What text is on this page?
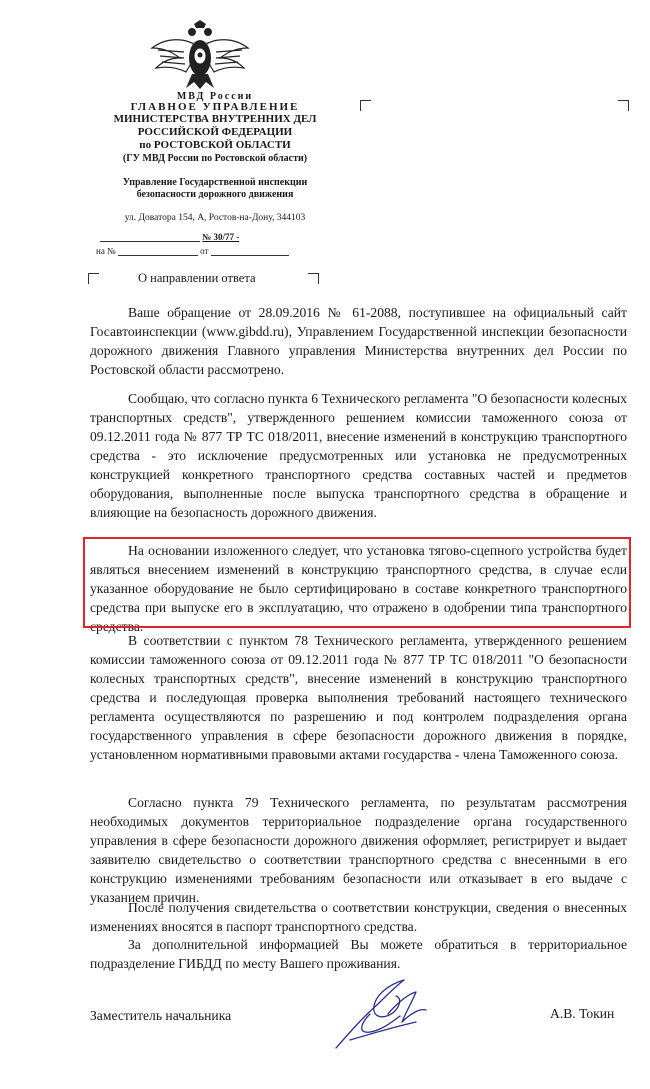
МВД России
ГЛАВНОЕ УПРАВЛЕНИЕ
МИНИСТЕРСТВА ВНУТРЕННИХ ДЕЛ
РОССИЙСКОЙ ФЕДЕРАЦИИ
по РОСТОВСКОЙ ОБЛАСТИ
(ГУ МВД России по Ростовской области)
Управление Государственной инспекции
безопасности дорожного движения
ул. Доватора 154, А, Ростов-на-Дону, 344103
№ 30/77 -
на №	от
О направлении ответа

Ваше обращение от 28.09.2016 № 61-2088, поступившее на официальный сайт Госавтоинспекции (www.gibdd.ru), Управлением Государственной инспекции безопасности дорожного движения Главного управления Министерства внутренних дел России по Ростовской области рассмотрено.

Сообщаю, что согласно пункта 6 Технического регламента "О безопасности колесных транспортных средств", утвержденного решением комиссии таможенного союза от 09.12.2011 года № 877 ТР ТС 018/2011, внесение изменений в конструкцию транспортного средства - это исключение предусмотренных или установка не предусмотренных конструкцией конкретного транспортного средства составных частей и предметов оборудования, выполненные после выпуска транспортного средства в обращение и влияющие на безопасность дорожного движения.

На основании изложенного следует, что установка тягово-сцепного устройства будет являться внесением изменений в конструкцию транспортного средства, в случае если указанное оборудование не было сертифицировано в составе конкретного транспортного средства при выпуске его в эксплуатацию, что отражено в одобрении типа транспортного средства.

В соответствии с пунктом 78 Технического регламента, утвержденного решением комиссии таможенного союза от 09.12.2011 года № 877 ТР ТС 018/2011 "О безопасности колесных транспортных средств", внесение изменений в конструкцию транспортного средства и последующая проверка выполнения требований настоящего технического регламента осуществляются по разрешению и под контролем подразделения органа государственного управления в сфере безопасности дорожного движения в порядке, установленном нормативными правовыми актами государства - члена Таможенного союза.

Согласно пункта 79 Технического регламента, по результатам рассмотрения необходимых документов территориальное подразделение органа государственного управления в сфере безопасности дорожного движения оформляет, регистрирует и выдает заявителю свидетельство о соответствии транспортного средства с внесенными в его конструкцию изменениями требованиям безопасности или отказывает в его выдаче с указанием причин.

После получения свидетельства о соответствии конструкции, сведения о внесенных изменениях вносятся в паспорт транспортного средства.

За дополнительной информацией Вы можете обратиться в территориальное подразделение ГИБДД по месту Вашего проживания.

Заместитель начальника	А.В. Токин
